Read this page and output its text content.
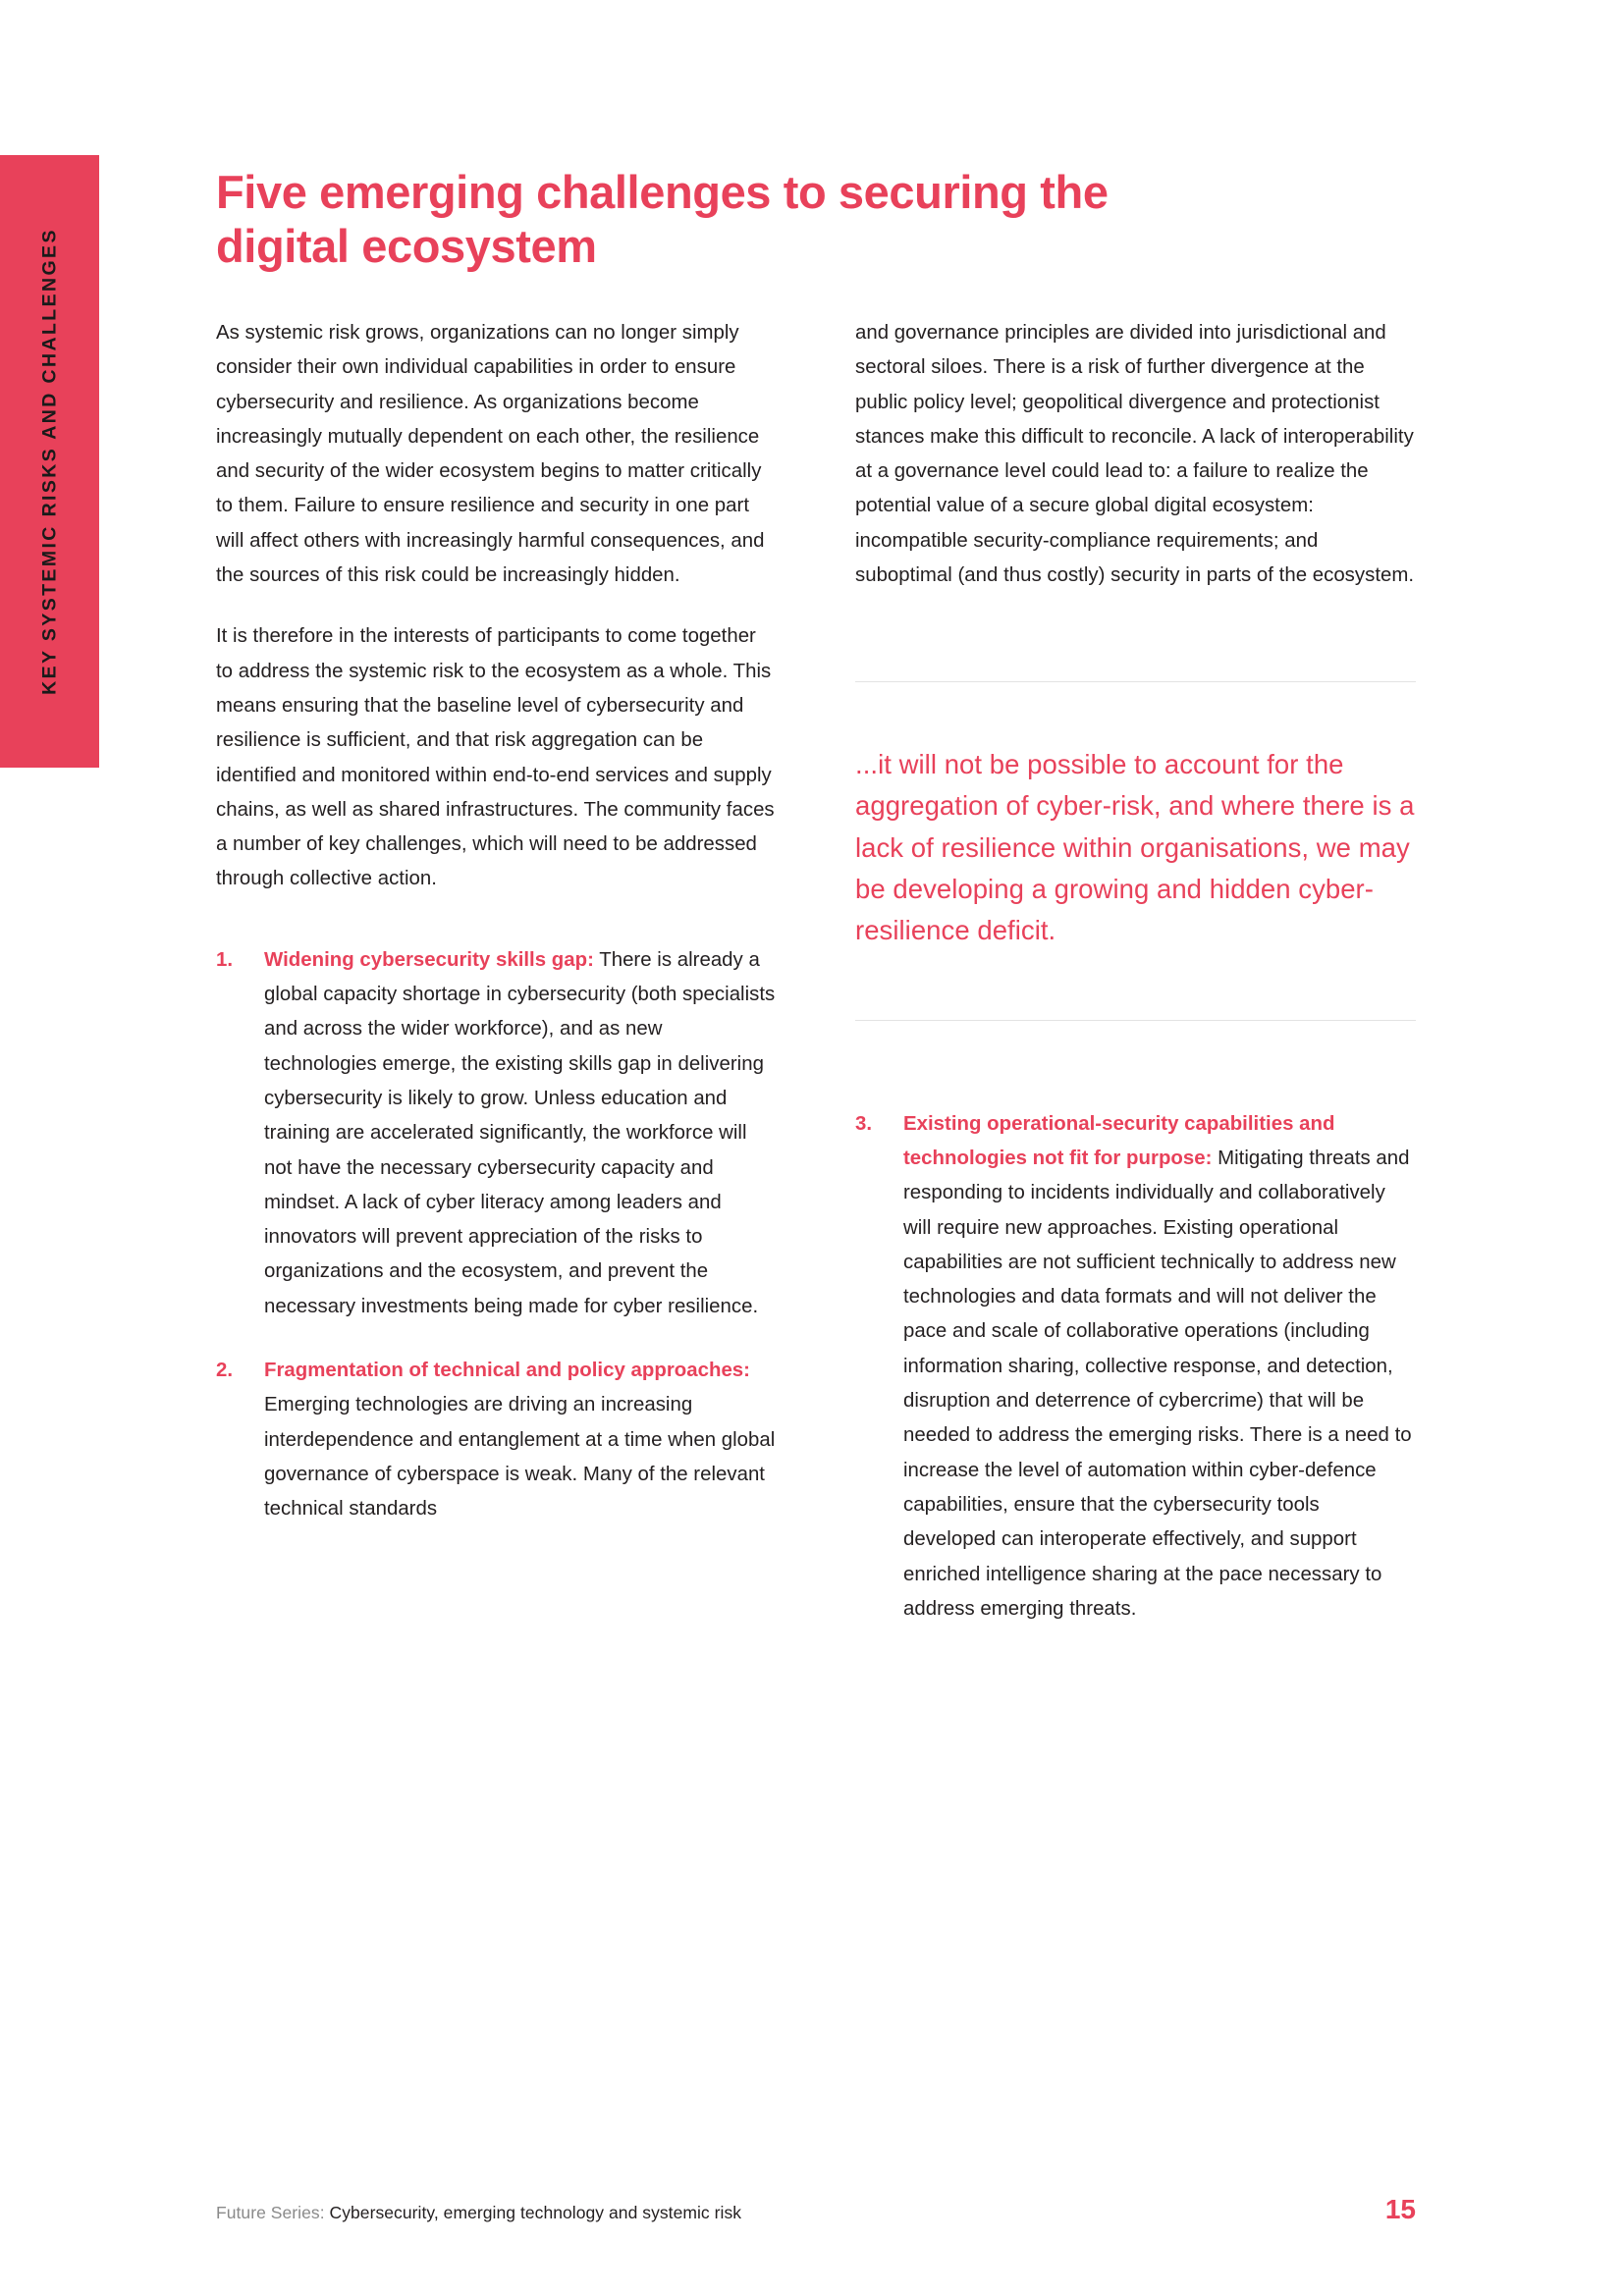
KEY SYSTEMIC RISKS AND CHALLENGES
Five emerging challenges to securing the digital ecosystem

As systemic risk grows, organizations can no longer simply consider their own individual capabilities in order to ensure cybersecurity and resilience. As organizations become increasingly mutually dependent on each other, the resilience and security of the wider ecosystem begins to matter critically to them. Failure to ensure resilience and security in one part will affect others with increasingly harmful consequences, and the sources of this risk could be increasingly hidden.

It is therefore in the interests of participants to come together to address the systemic risk to the ecosystem as a whole. This means ensuring that the baseline level of cybersecurity and resilience is sufficient, and that risk aggregation can be identified and monitored within end-to-end services and supply chains, as well as shared infrastructures. The community faces a number of key challenges, which will need to be addressed through collective action.

1. Widening cybersecurity skills gap: There is already a global capacity shortage in cybersecurity (both specialists and across the wider workforce), and as new technologies emerge, the existing skills gap in delivering cybersecurity is likely to grow. Unless education and training are accelerated significantly, the workforce will not have the necessary cybersecurity capacity and mindset. A lack of cyber literacy among leaders and innovators will prevent appreciation of the risks to organizations and the ecosystem, and prevent the necessary investments being made for cyber resilience.
2. Fragmentation of technical and policy approaches: Emerging technologies are driving an increasing interdependence and entanglement at a time when global governance of cyberspace is weak. Many of the relevant technical standards

and governance principles are divided into jurisdictional and sectoral siloes. There is a risk of further divergence at the public policy level; geopolitical divergence and protectionist stances make this difficult to reconcile. A lack of interoperability at a governance level could lead to: a failure to realize the potential value of a secure global digital ecosystem: incompatible security-compliance requirements; and suboptimal (and thus costly) security in parts of the ecosystem.

...it will not be possible to account for the aggregation of cyber-risk, and where there is a lack of resilience within organisations, we may be developing a growing and hidden cyber-resilience deficit.
3. Existing operational-security capabilities and technologies not fit for purpose: Mitigating threats and responding to incidents individually and collaboratively will require new approaches. Existing operational capabilities are not sufficient technically to address new technologies and data formats and will not deliver the pace and scale of collaborative operations (including information sharing, collective response, and detection, disruption and deterrence of cybercrime) that will be needed to address the emerging risks. There is a need to increase the level of automation within cyber-defence capabilities, ensure that the cybersecurity tools developed can interoperate effectively, and support enriched intelligence sharing at the pace necessary to address emerging threats.
Future Series: Cybersecurity, emerging technology and systemic risk	15
